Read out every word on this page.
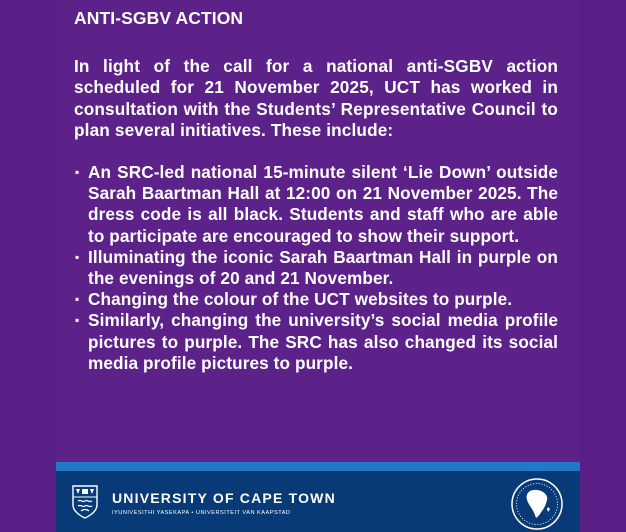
ANTI-SGBV ACTION
In light of the call for a national anti-SGBV action scheduled for 21 November 2025, UCT has worked in consultation with the Students’ Representative Council to plan several initiatives. These include:
▪ An SRC-led national 15-minute silent ‘Lie Down’ outside Sarah Baartman Hall at 12:00 on 21 November 2025. The dress code is all black. Students and staff who are able to participate are encouraged to show their support.
▪ Illuminating the iconic Sarah Baartman Hall in purple on the evenings of 20 and 21 November.
▪ Changing the colour of the UCT websites to purple.
▪ Similarly, changing the university’s social media profile pictures to purple. The SRC has also changed its social media profile pictures to purple.
UNIVERSITY OF CAPE TOWN
IYUNIVESITHI YASEKAPA • UNIVERSITEIT VAN KAAPSTAD
